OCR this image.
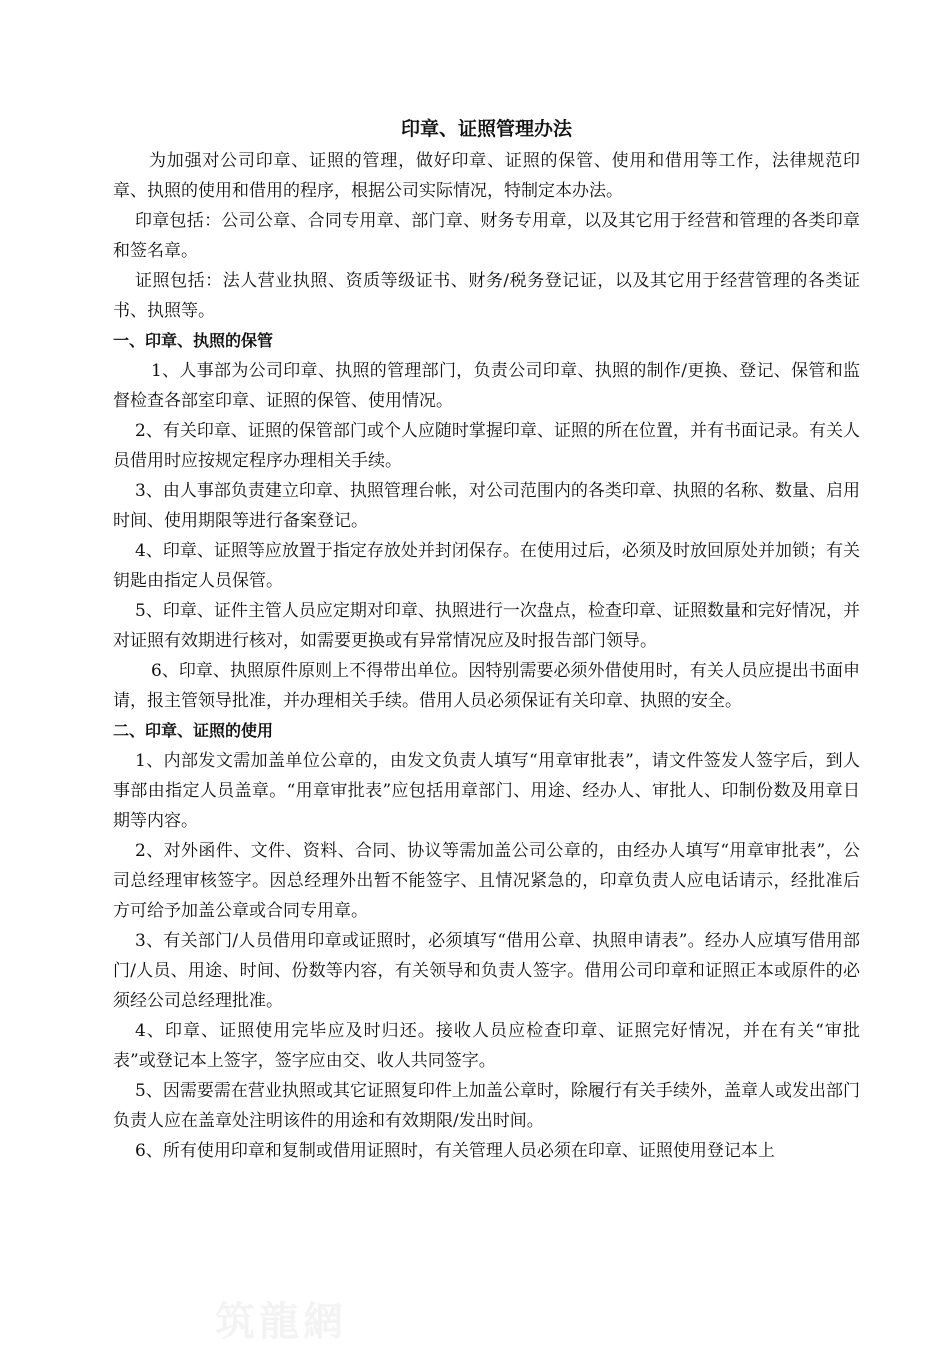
印章、证照管理办法

为加强对公司印章、证照的管理，做好印章、证照的保管、使用和借用等工作，法律规范印章、执照的使用和借用的程序，根据公司实际情况，特制定本办法。

印章包括：公司公章、合同专用章、部门章、财务专用章，以及其它用于经营和管理的各类印章和签名章。

证照包括：法人营业执照、资质等级证书、财务/税务登记证，以及其它用于经营管理的各类证书、执照等。

一、印章、执照的保管

1、人事部为公司印章、执照的管理部门，负责公司印章、执照的制作/更换、登记、保管和监督检查各部室印章、证照的保管、使用情况。

2、有关印章、证照的保管部门或个人应随时掌握印章、证照的所在位置，并有书面记录。有关人员借用时应按规定程序办理相关手续。

3、由人事部负责建立印章、执照管理台帐，对公司范围内的各类印章、执照的名称、数量、启用时间、使用期限等进行备案登记。

4、印章、证照等应放置于指定存放处并封闭保存。在使用过后，必须及时放回原处并加锁；有关钥匙由指定人员保管。

5、印章、证件主管人员应定期对印章、执照进行一次盘点，检查印章、证照数量和完好情况，并对证照有效期进行核对，如需要更换或有异常情况应及时报告部门领导。

6、印章、执照原件原则上不得带出单位。因特别需要必须外借使用时，有关人员应提出书面申请，报主管领导批准，并办理相关手续。借用人员必须保证有关印章、执照的安全。

二、印章、证照的使用

1、内部发文需加盖单位公章的，由发文负责人填写“用章审批表”，请文件签发人签字后，到人事部由指定人员盖章。“用章审批表”应包括用章部门、用途、经办人、审批人、印制份数及用章日期等内容。

2、对外函件、文件、资料、合同、协议等需加盖公司公章的，由经办人填写“用章审批表”，公司总经理审核签字。因总经理外出暂不能签字、且情况紧急的，印章负责人应电话请示，经批准后方可给予加盖公章或合同专用章。

3、有关部门/人员借用印章或证照时，必须填写“借用公章、执照申请表”。经办人应填写借用部门/人员、用途、时间、份数等内容，有关领导和负责人签字。借用公司印章和证照正本或原件的必须经公司总经理批准。

4、印章、证照使用完毕应及时归还。接收人员应检查印章、证照完好情况，并在有关“审批表”或登记本上签字，签字应由交、收人共同签字。

5、因需要需在营业执照或其它证照复印件上加盖公章时，除履行有关手续外，盖章人或发出部门负责人应在盖章处注明该件的用途和有效期限/发出时间。

6、所有使用印章和复制或借用证照时，有关管理人员必须在印章、证照使用登记本上

筑龍網
